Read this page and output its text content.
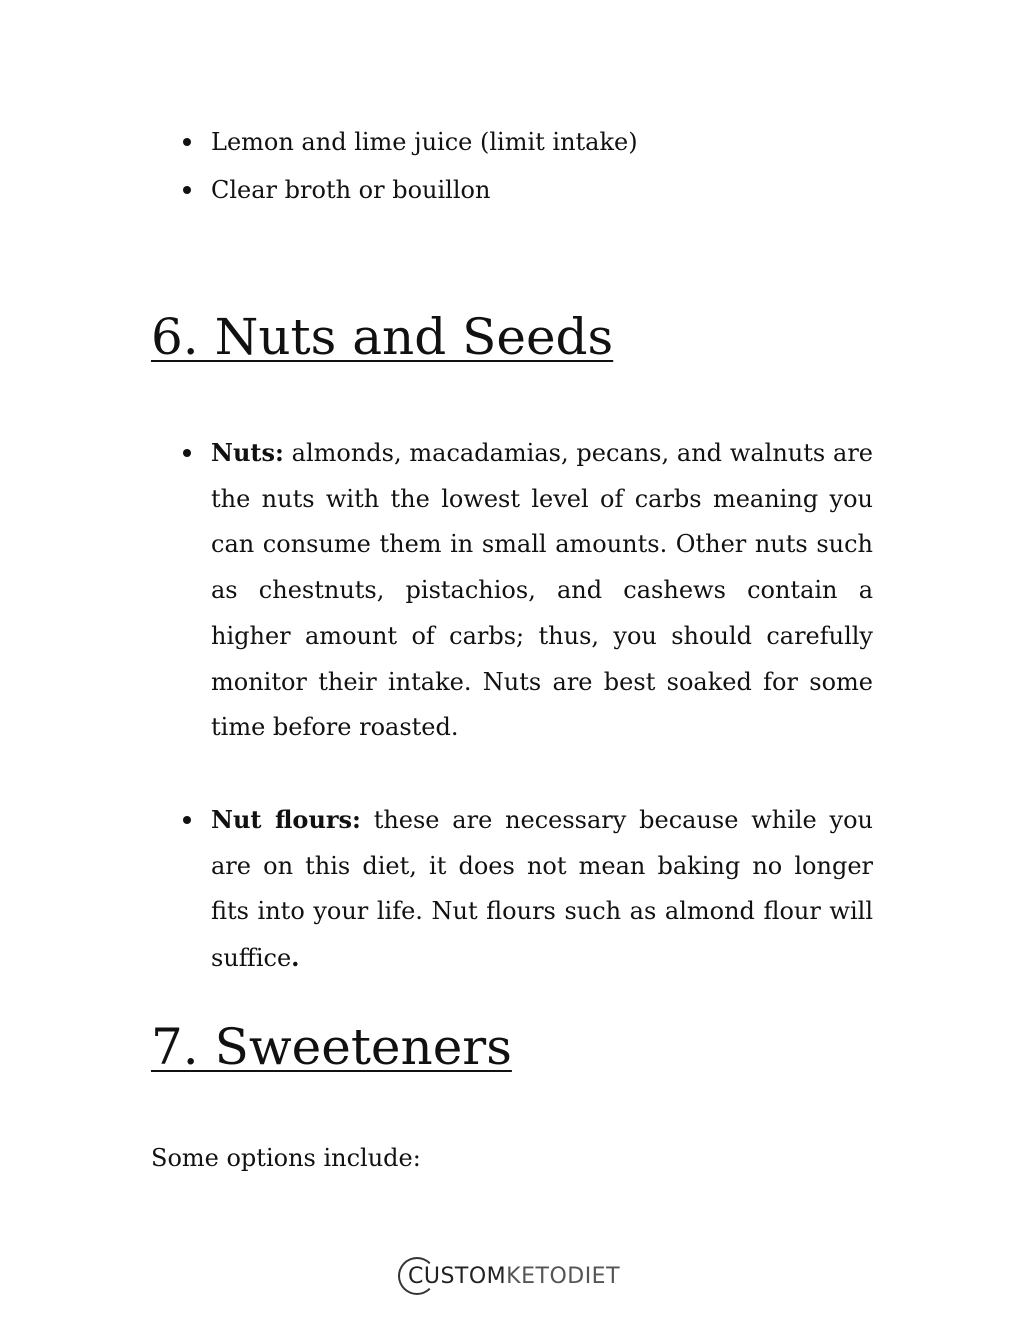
Lemon and lime juice (limit intake)
Clear broth or bouillon
6. Nuts and Seeds
Nuts: almonds, macadamias, pecans, and walnuts are the nuts with the lowest level of carbs meaning you can consume them in small amounts. Other nuts such as chestnuts, pistachios, and cashews contain a higher amount of carbs; thus, you should carefully monitor their intake. Nuts are best soaked for some time before roasted.
Nut flours: these are necessary because while you are on this diet, it does not mean baking no longer fits into your life. Nut flours such as almond flour will suffice.
7. Sweeteners

Some options include:

CUSTOMKETODIET
